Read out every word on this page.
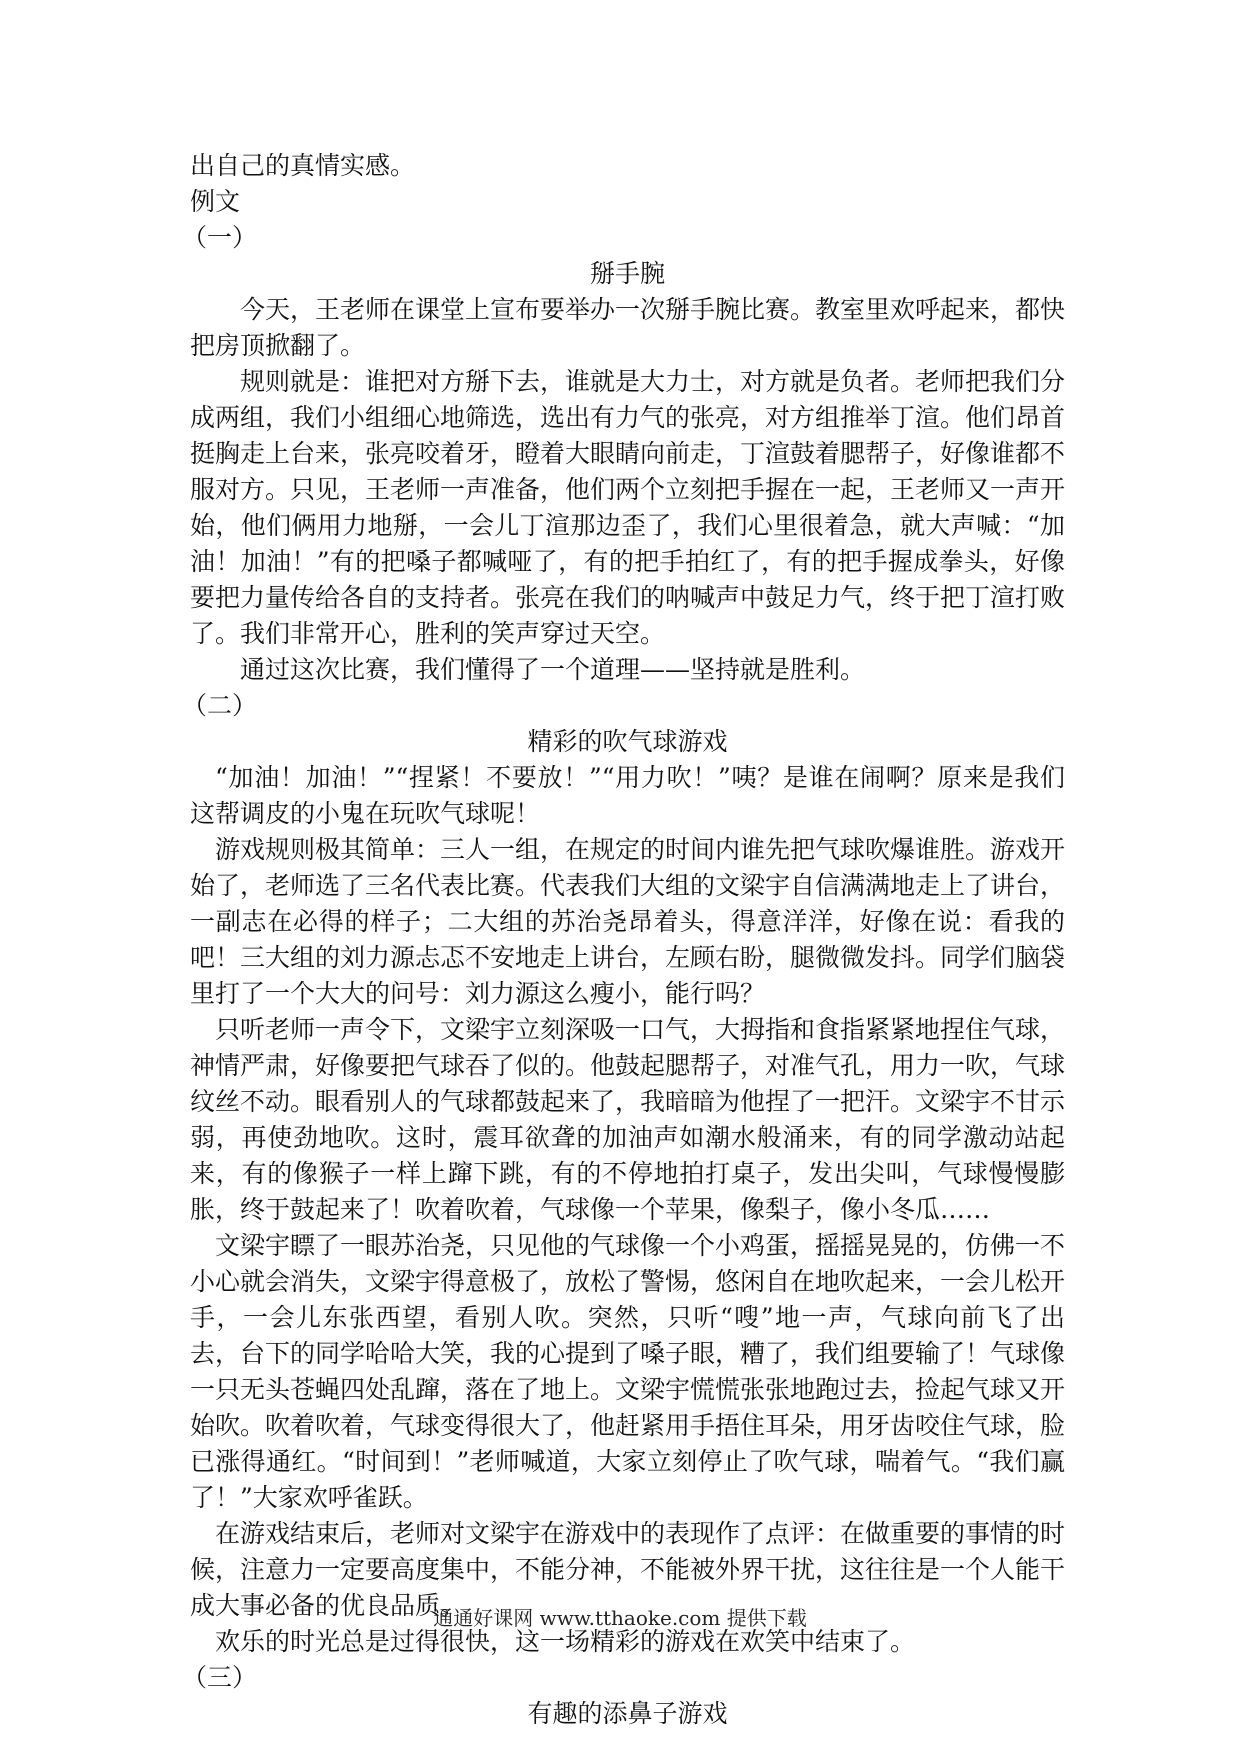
出自己的真情实感。

例文

（一）

掰手腕

今天，王老师在课堂上宣布要举办一次掰手腕比赛。教室里欢呼起来，都快把房顶掀翻了。

规则就是：谁把对方掰下去，谁就是大力士，对方就是负者。老师把我们分成两组，我们小组细心地筛选，选出有力气的张亮，对方组推举丁渲。他们昂首挺胸走上台来，张亮咬着牙，瞪着大眼睛向前走，丁渲鼓着腮帮子，好像谁都不服对方。只见，王老师一声准备，他们两个立刻把手握在一起，王老师又一声开始，他们俩用力地掰，一会儿丁渲那边歪了，我们心里很着急，就大声喊：“加油！加油！”有的把嗓子都喊哑了，有的把手拍红了，有的把手握成拳头，好像要把力量传给各自的支持者。张亮在我们的呐喊声中鼓足力气，终于把丁渲打败了。我们非常开心，胜利的笑声穿过天空。

通过这次比赛，我们懂得了一个道理——坚持就是胜利。

（二）

精彩的吹气球游戏

“加油！加油！”“捏紧！不要放！”“用力吹！”咦？是谁在闹啊？原来是我们这帮调皮的小鬼在玩吹气球呢！

游戏规则极其简单：三人一组，在规定的时间内谁先把气球吹爆谁胜。游戏开始了，老师选了三名代表比赛。代表我们大组的文梁宇自信满满地走上了讲台，一副志在必得的样子；二大组的苏治尧昂着头，得意洋洋，好像在说：看我的吧！三大组的刘力源忐忑不安地走上讲台，左顾右盼，腿微微发抖。同学们脑袋里打了一个大大的问号：刘力源这么瘦小，能行吗？

只听老师一声令下，文梁宇立刻深吸一口气，大拇指和食指紧紧地捏住气球，神情严肃，好像要把气球吞了似的。他鼓起腮帮子，对准气孔，用力一吹，气球纹丝不动。眼看别人的气球都鼓起来了，我暗暗为他捏了一把汗。文梁宇不甘示弱，再使劲地吹。这时，震耳欲聋的加油声如潮水般涌来，有的同学激动站起来，有的像猴子一样上蹿下跳，有的不停地拍打桌子，发出尖叫，气球慢慢膨胀，终于鼓起来了！吹着吹着，气球像一个苹果，像梨子，像小冬瓜……

文梁宇瞟了一眼苏治尧，只见他的气球像一个小鸡蛋，摇摇晃晃的，仿佛一不小心就会消失，文梁宇得意极了，放松了警惕，悠闲自在地吹起来，一会儿松开手，一会儿东张西望，看别人吹。突然，只听“嗖”地一声，气球向前飞了出去，台下的同学哈哈大笑，我的心提到了嗓子眼，糟了，我们组要输了！气球像一只无头苍蝇四处乱蹿，落在了地上。文梁宇慌慌张张地跑过去，捡起气球又开始吹。吹着吹着，气球变得很大了，他赶紧用手捂住耳朵，用牙齿咬住气球，脸已涨得通红。“时间到！”老师喊道，大家立刻停止了吹气球，喘着气。“我们赢了！”大家欢呼雀跃。

在游戏结束后，老师对文梁宇在游戏中的表现作了点评：在做重要的事情的时候，注意力一定要高度集中，不能分神，不能被外界干扰，这往往是一个人能干成大事必备的优良品质。

欢乐的时光总是过得很快，这一场精彩的游戏在欢笑中结束了。

（三）

有趣的添鼻子游戏

通通好课网 www.tthaoke.com 提供下载
